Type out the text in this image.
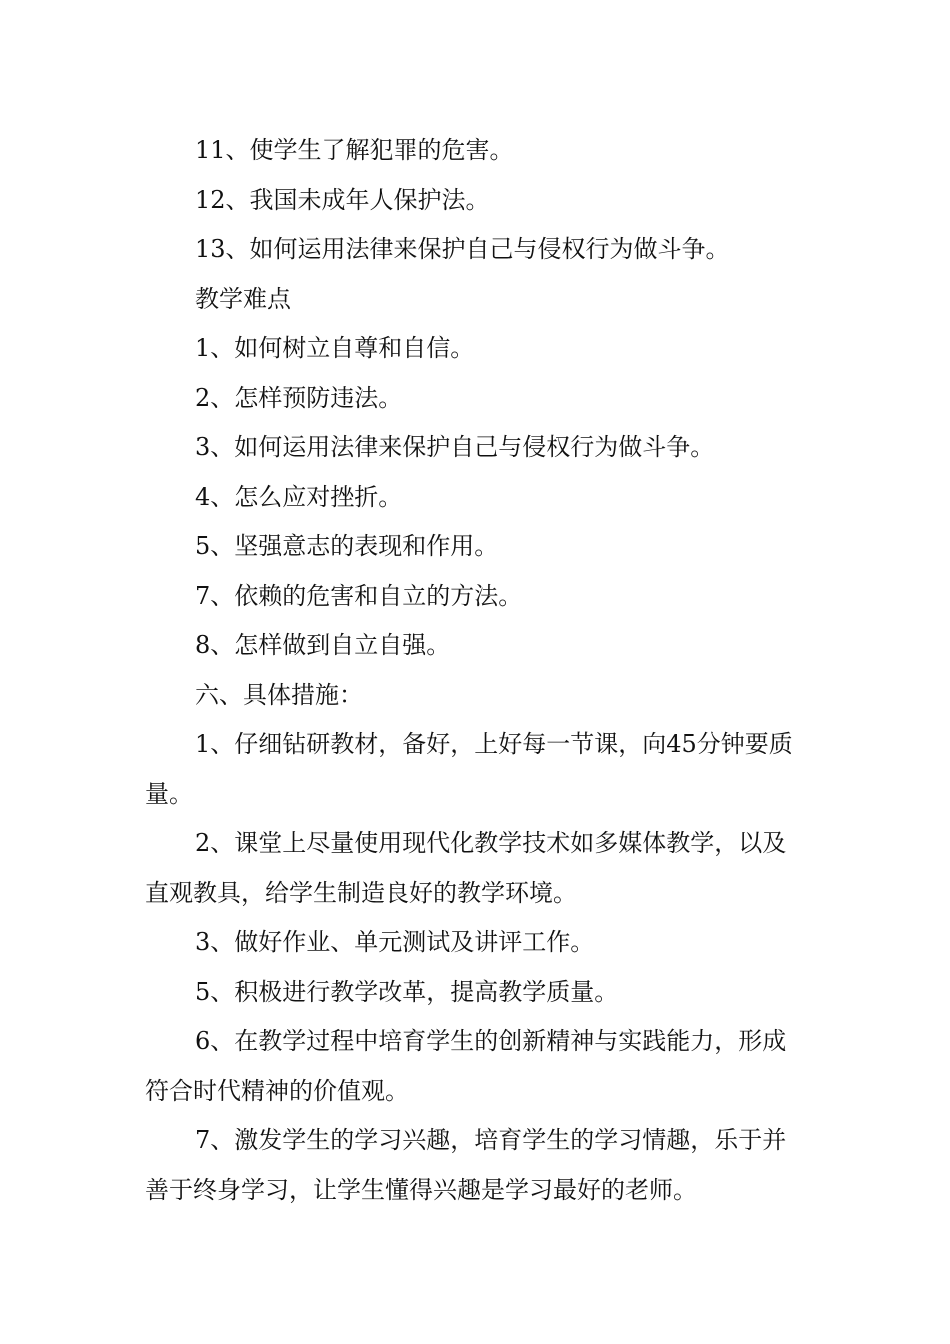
11、使学生了解犯罪的危害。

12、我国未成年人保护法。

13、如何运用法律来保护自己与侵权行为做斗争。

教学难点

1、如何树立自尊和自信。

2、怎样预防违法。

3、如何运用法律来保护自己与侵权行为做斗争。

4、怎么应对挫折。

5、坚强意志的表现和作用。

7、依赖的危害和自立的方法。

8、怎样做到自立自强。

六、具体措施：

1、仔细钻研教材，备好，上好每一节课，向45分钟要质量。

2、课堂上尽量使用现代化教学技术如多媒体教学，以及直观教具，给学生制造良好的教学环境。

3、做好作业、单元测试及讲评工作。

5、积极进行教学改革，提高教学质量。

6、在教学过程中培育学生的创新精神与实践能力，形成符合时代精神的价值观。

7、激发学生的学习兴趣，培育学生的学习情趣，乐于并善于终身学习，让学生懂得兴趣是学习最好的老师。
